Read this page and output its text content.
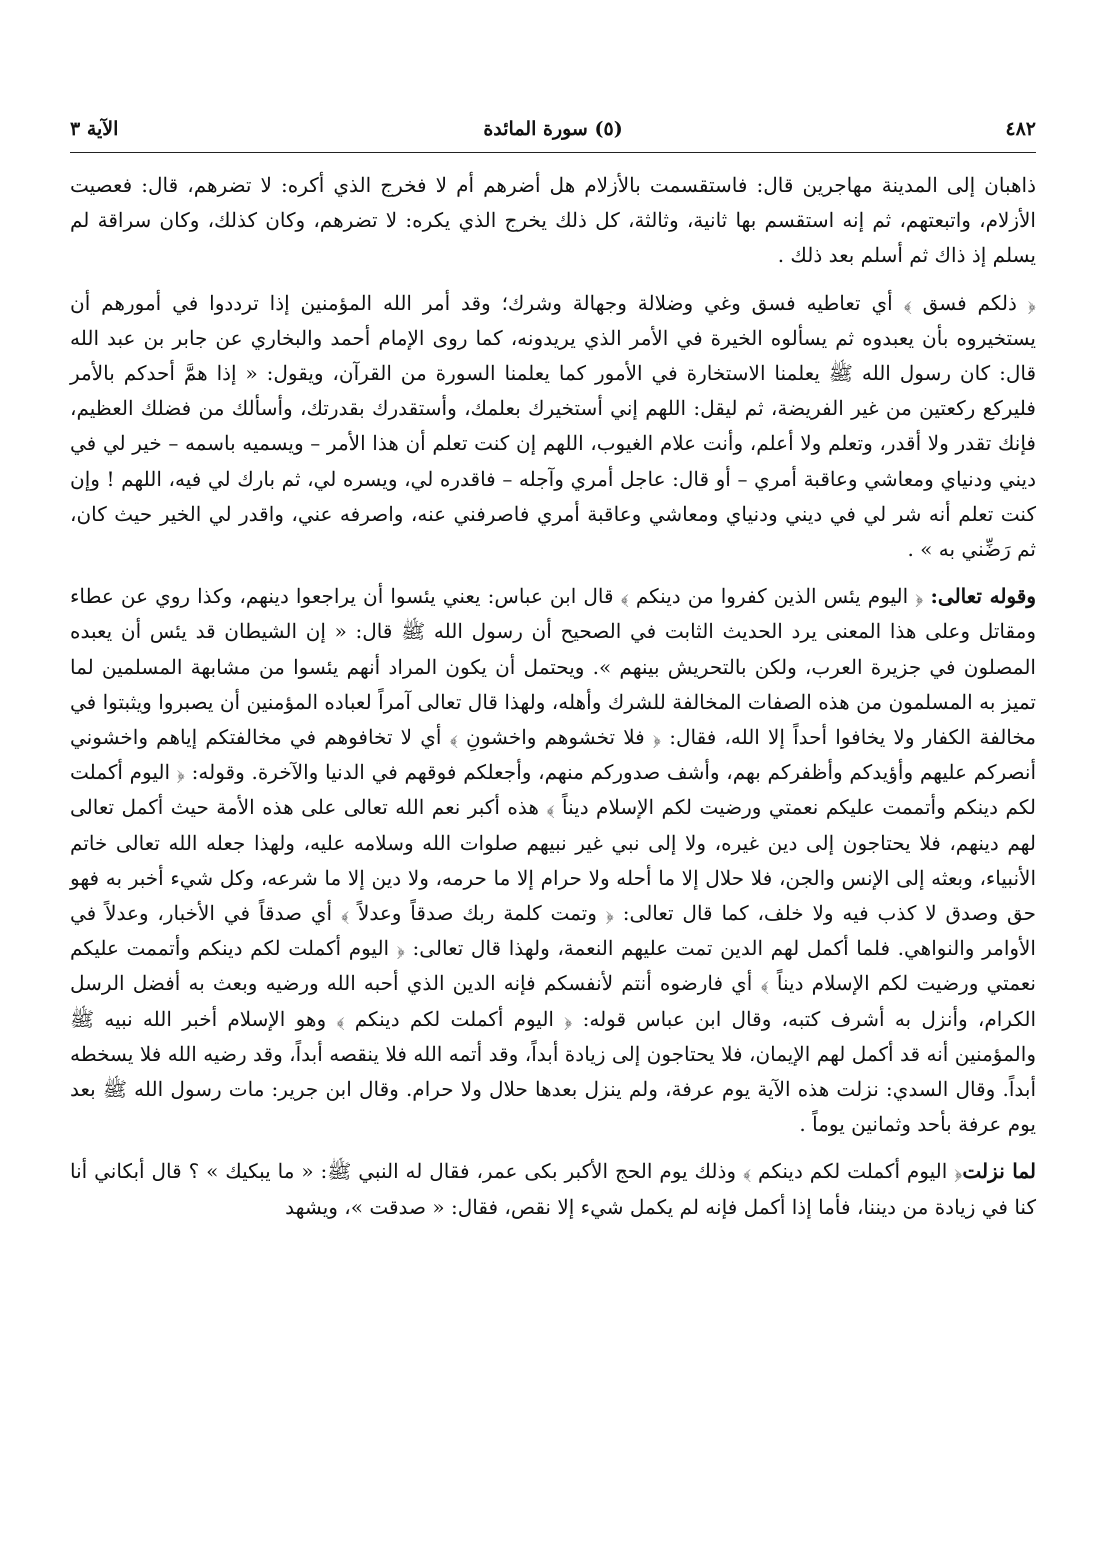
٤٨٢
(٥) سورة المائدة
الآية ٣

ذاهبان إلى المدينة مهاجرين قال: فاستقسمت بالأزلام هل أضرهم أم لا فخرج الذي أكره: لا تضرهم، قال: فعصيت الأزلام، واتبعتهم، ثم إنه استقسم بها ثانية، وثالثة، كل ذلك يخرج الذي يكره: لا تضرهم، وكان كذلك، وكان سراقة لم يسلم إذ ذاك ثم أسلم بعد ذلك .

﴿ ذلكم فسق ﴾ أي تعاطيه فسق وغي وضلالة وجهالة وشرك؛ وقد أمر الله المؤمنين إذا ترددوا في أمورهم أن يستخيروه بأن يعبدوه ثم يسألوه الخيرة في الأمر الذي يريدونه، كما روى الإمام أحمد والبخاري عن جابر بن عبد الله قال: كان رسول الله ﷺ يعلمنا الاستخارة في الأمور كما يعلمنا السورة من القرآن، ويقول: « إذا همَّ أحدكم بالأمر فليركع ركعتين من غير الفريضة، ثم ليقل: اللهم إني أستخيرك بعلمك، وأستقدرك بقدرتك، وأسألك من فضلك العظيم، فإنك تقدر ولا أقدر، وتعلم ولا أعلم، وأنت علام الغيوب، اللهم إن كنت تعلم أن هذا الأمر – ويسميه باسمه – خير لي في ديني ودنياي ومعاشي وعاقبة أمري – أو قال: عاجل أمري وآجله – فاقدره لي، ويسره لي، ثم بارك لي فيه، اللهم ! وإن كنت تعلم أنه شر لي في ديني ودنياي ومعاشي وعاقبة أمري فاصرفني عنه، واصرفه عني، واقدر لي الخير حيث كان، ثم رَضِّني به » .

وقوله تعالى: ﴿ اليوم يئس الذين كفروا من دينكم ﴾ قال ابن عباس: يعني يئسوا أن يراجعوا دينهم، وكذا روي عن عطاء ومقاتل وعلى هذا المعنى يرد الحديث الثابت في الصحيح أن رسول الله ﷺ قال: « إن الشيطان قد يئس أن يعبده المصلون في جزيرة العرب، ولكن بالتحريش بينهم ». ويحتمل أن يكون المراد أنهم يئسوا من مشابهة المسلمين لما تميز به المسلمون من هذه الصفات المخالفة للشرك وأهله، ولهذا قال تعالى آمراً لعباده المؤمنين أن يصبروا ويثبتوا في مخالفة الكفار ولا يخافوا أحداً إلا الله، فقال: ﴿ فلا تخشوهم واخشونِ ﴾ أي لا تخافوهم في مخالفتكم إياهم واخشوني أنصركم عليهم وأؤيدكم وأظفركم بهم، وأشف صدوركم منهم، وأجعلكم فوقهم في الدنيا والآخرة. وقوله: ﴿ اليوم أكملت لكم دينكم وأتممت عليكم نعمتي ورضيت لكم الإسلام ديناً ﴾ هذه أكبر نعم الله تعالى على هذه الأمة حيث أكمل تعالى لهم دينهم، فلا يحتاجون إلى دين غيره، ولا إلى نبي غير نبيهم صلوات الله وسلامه عليه، ولهذا جعله الله تعالى خاتم الأنبياء، وبعثه إلى الإنس والجن، فلا حلال إلا ما أحله ولا حرام إلا ما حرمه، ولا دين إلا ما شرعه، وكل شيء أخبر به فهو حق وصدق لا كذب فيه ولا خلف، كما قال تعالى: ﴿ وتمت كلمة ربك صدقاً وعدلاً ﴾ أي صدقاً في الأخبار، وعدلاً في الأوامر والنواهي. فلما أكمل لهم الدين تمت عليهم النعمة، ولهذا قال تعالى: ﴿ اليوم أكملت لكم دينكم وأتممت عليكم نعمتي ورضيت لكم الإسلام ديناً ﴾ أي فارضوه أنتم لأنفسكم فإنه الدين الذي أحبه الله ورضيه وبعث به أفضل الرسل الكرام، وأنزل به أشرف كتبه، وقال ابن عباس قوله: ﴿ اليوم أكملت لكم دينكم ﴾ وهو الإسلام أخبر الله نبيه ﷺ والمؤمنين أنه قد أكمل لهم الإيمان، فلا يحتاجون إلى زيادة أبداً، وقد أتمه الله فلا ينقصه أبداً، وقد رضيه الله فلا يسخطه أبداً. وقال السدي: نزلت هذه الآية يوم عرفة، ولم ينزل بعدها حلال ولا حرام. وقال ابن جرير: مات رسول الله ﷺ بعد يوم عرفة بأحد وثمانين يوماً .

لما نزلت﴿ اليوم أكملت لكم دينكم ﴾ وذلك يوم الحج الأكبر بكى عمر، فقال له النبي ﷺ: « ما يبكيك » ؟ قال أبكاني أنا كنا في زيادة من ديننا، فأما إذا أكمل فإنه لم يكمل شيء إلا نقص، فقال: « صدقت »، ويشهد
